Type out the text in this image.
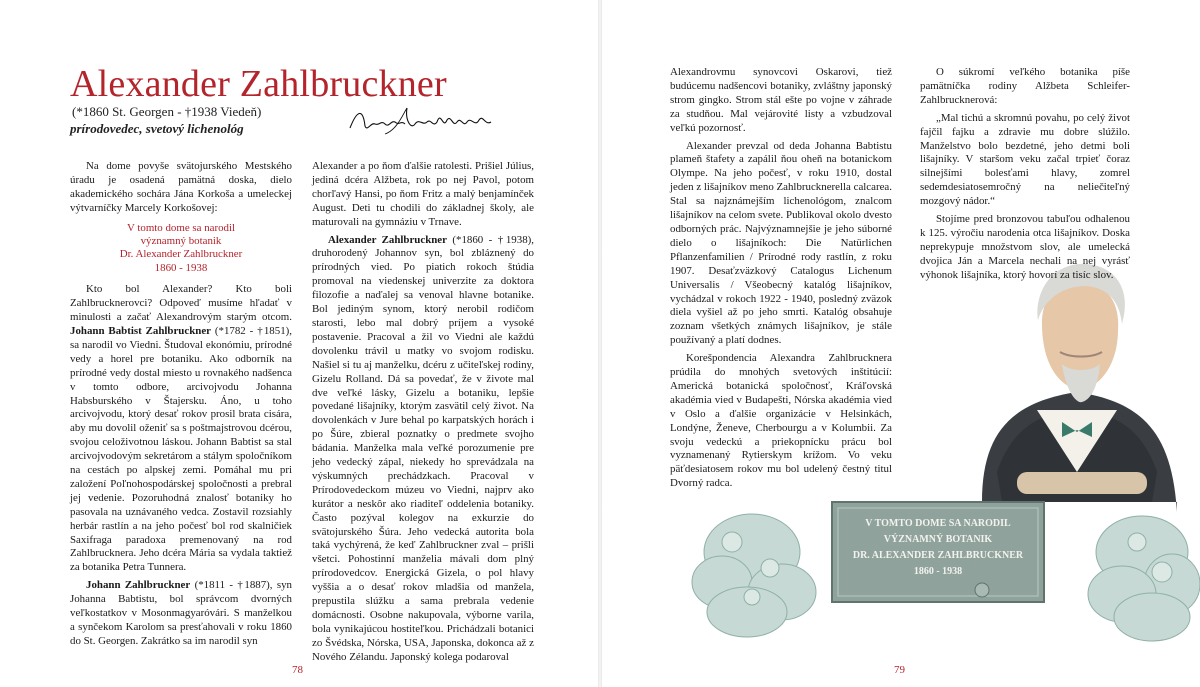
Alexander Zahlbruckner
(*1860 St. Georgen - †1938 Viedeň)
prírodovedec, svetový lichenológ

Na dome povyše svätojurského Mestského úradu je osadená pamätná doska, dielo akademického sochára Jána Korkoša a umeleckej výtvarníčky Marcely Korkošovej:

V tomto dome sa narodil
významný botanik
Dr. Alexander Zahlbruckner
1860 - 1938

Kto bol Alexander? Kto boli Zahlbrucknerovci? Odpoveď musíme hľadať v minulosti a začať Alexandrovým starým otcom. Johann Babtist Zahlbruckner (*1782 - †1851), sa narodil vo Viedni. Študoval ekonómiu, prírodné vedy a horel pre botaniku. Ako odborník na prírodné vedy dostal miesto u rovnakého nadšenca v tomto odbore, arcivojvodu Johanna Habsburského v Štajersku. Áno, u toho arcivojvodu, ktorý desať rokov prosil brata cisára, aby mu dovolil oženiť sa s poštmajstrovou dcérou, svojou celoživotnou láskou. Johann Babtist sa stal arcivojvodovým sekretárom a stálym spoločníkom na cestách po alpskej zemi. Pomáhal mu pri založení Poľnohospodárskej spoločnosti a prebral jej vedenie. Pozoruhodná znalosť botaniky ho pasovala na uznávaného vedca. Zostavil rozsiahly herbár rastlín a na jeho počesť bol rod skalničiek Saxifraga paradoxa premenovaný na rod Zahlbrucknera. Jeho dcéra Mária sa vydala taktiež za botanika Petra Tunnera.

Johann Zahlbruckner (*1811 - †1887), syn Johanna Babtistu, bol správcom dvorných veľkostatkov v Mosonmagyaróvári. S manželkou a synčekom Karolom sa presťahovali v roku 1860 do St. Georgen. Zakrátko sa im narodil syn

Alexander a po ňom ďalšie ratolesti. Prišiel Július, jediná dcéra Alžbeta, rok po nej Pavol, potom chorľavý Hansi, po ňom Fritz a malý benjamínček August. Deti tu chodili do základnej školy, ale maturovali na gymnáziu v Trnave.

Alexander Zahlbruckner (*1860 - †1938), druhorodený Johannov syn, bol zbláznený do prírodných vied. Po piatich rokoch štúdia promoval na viedenskej univerzite za doktora filozofie a naďalej sa venoval hlavne botanike. Bol jediným synom, ktorý nerobil rodičom starosti, lebo mal dobrý príjem a vysoké postavenie. Pracoval a žil vo Viedni ale každú dovolenku trávil u matky vo svojom rodisku. Našiel si tu aj manželku, dcéru z učiteľskej rodiny, Gizelu Rolland. Dá sa povedať, že v živote mal dve veľké lásky, Gizelu a botaniku, lepšie povedané lišajníky, ktorým zasvätil celý život. Na dovolenkách v Jure behal po karpatských horách i po Šúre, zbieral poznatky o predmete svojho bádania. Manželka mala veľké porozumenie pre jeho vedecký zápal, niekedy ho sprevádzala na výskumných prechádzkach. Pracoval v Prírodovedeckom múzeu vo Viedni, najprv ako kurátor a neskôr ako riaditeľ oddelenia botaniky. Často pozýval kolegov na exkurzie do svätojurského Šúra. Jeho vedecká autorita bola taká vychýrená, že keď Zahlbruckner zval – prišli všetci. Pohostinní manželia mávali dom plný prírodovedcov. Energická Gizela, o pol hlavy vyššia a o desať rokov mladšia od manžela, prepustila slúžku a sama prebrala vedenie domácnosti. Osobne nakupovala, výborne varila, bola vynikajúcou hostiteľkou. Prichádzali botanici zo Švédska, Nórska, USA, Japonska, dokonca až z Nového Zélandu. Japonský kolega podaroval

78
V TOMTO DOME SA NARODIL
VÝZNAMNÝ BOTANIK
DR. ALEXANDER ZAHLBRUCKNER
1860 - 1938

Alexandrovmu synovcovi Oskarovi, tiež budúcemu nadšencovi botaniky, zvláštny japonský strom gingko. Strom stál ešte po vojne v záhrade za studňou. Mal vejárovité listy a vzbudzoval veľkú pozornosť.

Alexander prevzal od deda Johanna Babtistu plameň štafety a zapálil ňou oheň na botanickom Olympe. Na jeho počesť, v roku 1910, dostal jeden z lišajníkov meno Zahlbrucknerella calcarea. Stal sa najznámejším lichenológom, znalcom lišajníkov na celom svete. Publikoval okolo dvesto odborných prác. Najvýznamnejšie je jeho súborné dielo o lišajníkoch: Die Natürlichen Pflanzenfamilien / Prírodné rody rastlín, z roku 1907. Desaťzväzkový Catalogus Lichenum Universalis / Všeobecný katalóg lišajníkov, vychádzal v rokoch 1922 - 1940, posledný zväzok diela vyšiel až po jeho smrti. Katalóg obsahuje zoznam všetkých známych lišajníkov, je stále používaný a platí dodnes.

Korešpondencia Alexandra Zahlbrucknera prúdila do mnohých svetových inštitúcií: Americká botanická spoločnosť, Kráľovská akadémia vied v Budapešti, Nórska akadémia vied v Oslo a ďalšie organizácie v Helsinkách, Londýne, Ženeve, Cherbourgu a v Kolumbii. Za svoju vedeckú a priekopnícku prácu bol vyznamenaný Rytierskym krížom. Vo veku päťdesiatosem rokov mu bol udelený čestný titul Dvorný radca.

O súkromí veľkého botanika píše pamätníčka rodiny Alžbeta Schleifer-Zahlbrucknerová:

„Mal tichú a skromnú povahu, po celý život fajčil fajku a zdravie mu dobre slúžilo. Manželstvo bolo bezdetné, jeho detmi boli lišajníky. V staršom veku začal trpieť čoraz silnejšími bolesťami hlavy, zomrel sedemdesiatosemročný na neliečiteľný mozgový nádor.“

Stojíme pred bronzovou tabuľou odhalenou k 125. výročiu narodenia otca lišajníkov. Doska neprekypuje množstvom slov, ale umelecká dvojica Ján a Marcela nechali na nej vyrásť výhonok lišajníka, ktorý hovorí za tisíc slov.

79
